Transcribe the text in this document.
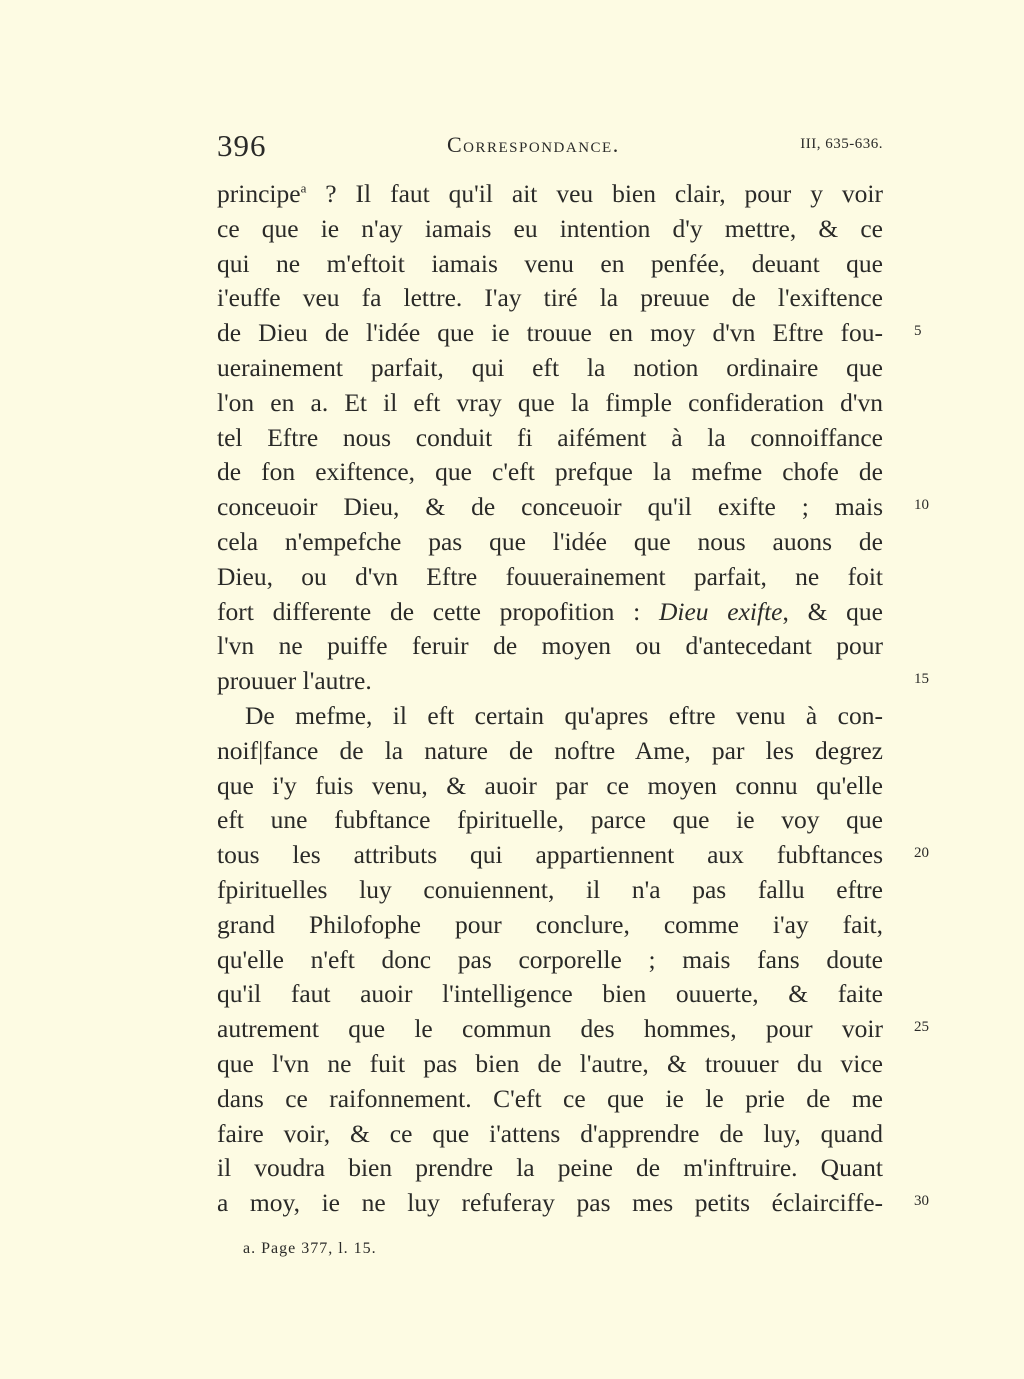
396	Correspondance.	III, 635-636.
principe$^a$ ? Il faut qu'il ait veu bien clair, pour y voir
ce que ie n'ay iamais eu intention d'y mettre, & ce
qui ne m'eftoit iamais venu en penfée, deuant que
i'euffe veu fa lettre. I'ay tiré la preuue de l'exiftence
de Dieu de l'idée que ie trouue en moy d'vn Eftre fou-
uerainement parfait, qui eft la notion ordinaire que
l'on en a. Et il eft vray que la fimple confideration d'vn
tel Eftre nous conduit fi aifément à la connoiffance
de fon exiftence, que c'eft prefque la mefme chofe de
conceuoir Dieu, & de conceuoir qu'il exifte ; mais
cela n'empefche pas que l'idée que nous auons de
Dieu, ou d'vn Eftre fouuerainement parfait, ne foit
fort differente de cette propofition : Dieu exifte, & que
l'vn ne puiffe feruir de moyen ou d'antecedant pour
prouuer l'autre.
De mefme, il eft certain qu'apres eftre venu à con-
noif|fance de la nature de noftre Ame, par les degrez
que i'y fuis venu, & auoir par ce moyen connu qu'elle
eft une fubftance fpirituelle, parce que ie voy que
tous les attributs qui appartiennent aux fubftances
fpirituelles luy conuiennent, il n'a pas fallu eftre
grand Philofophe pour conclure, comme i'ay fait,
qu'elle n'eft donc pas corporelle ; mais fans doute
qu'il faut auoir l'intelligence bien ouuerte, & faite
autrement que le commun des hommes, pour voir
que l'vn ne fuit pas bien de l'autre, & trouuer du vice
dans ce raifonnement. C'eft ce que ie le prie de me
faire voir, & ce que i'attens d'apprendre de luy, quand
il voudra bien prendre la peine de m'inftruire. Quant
a moy, ie ne luy refuferay pas mes petits éclairciffe-
5
10
15
20
25
30
a. Page 377, l. 15.
